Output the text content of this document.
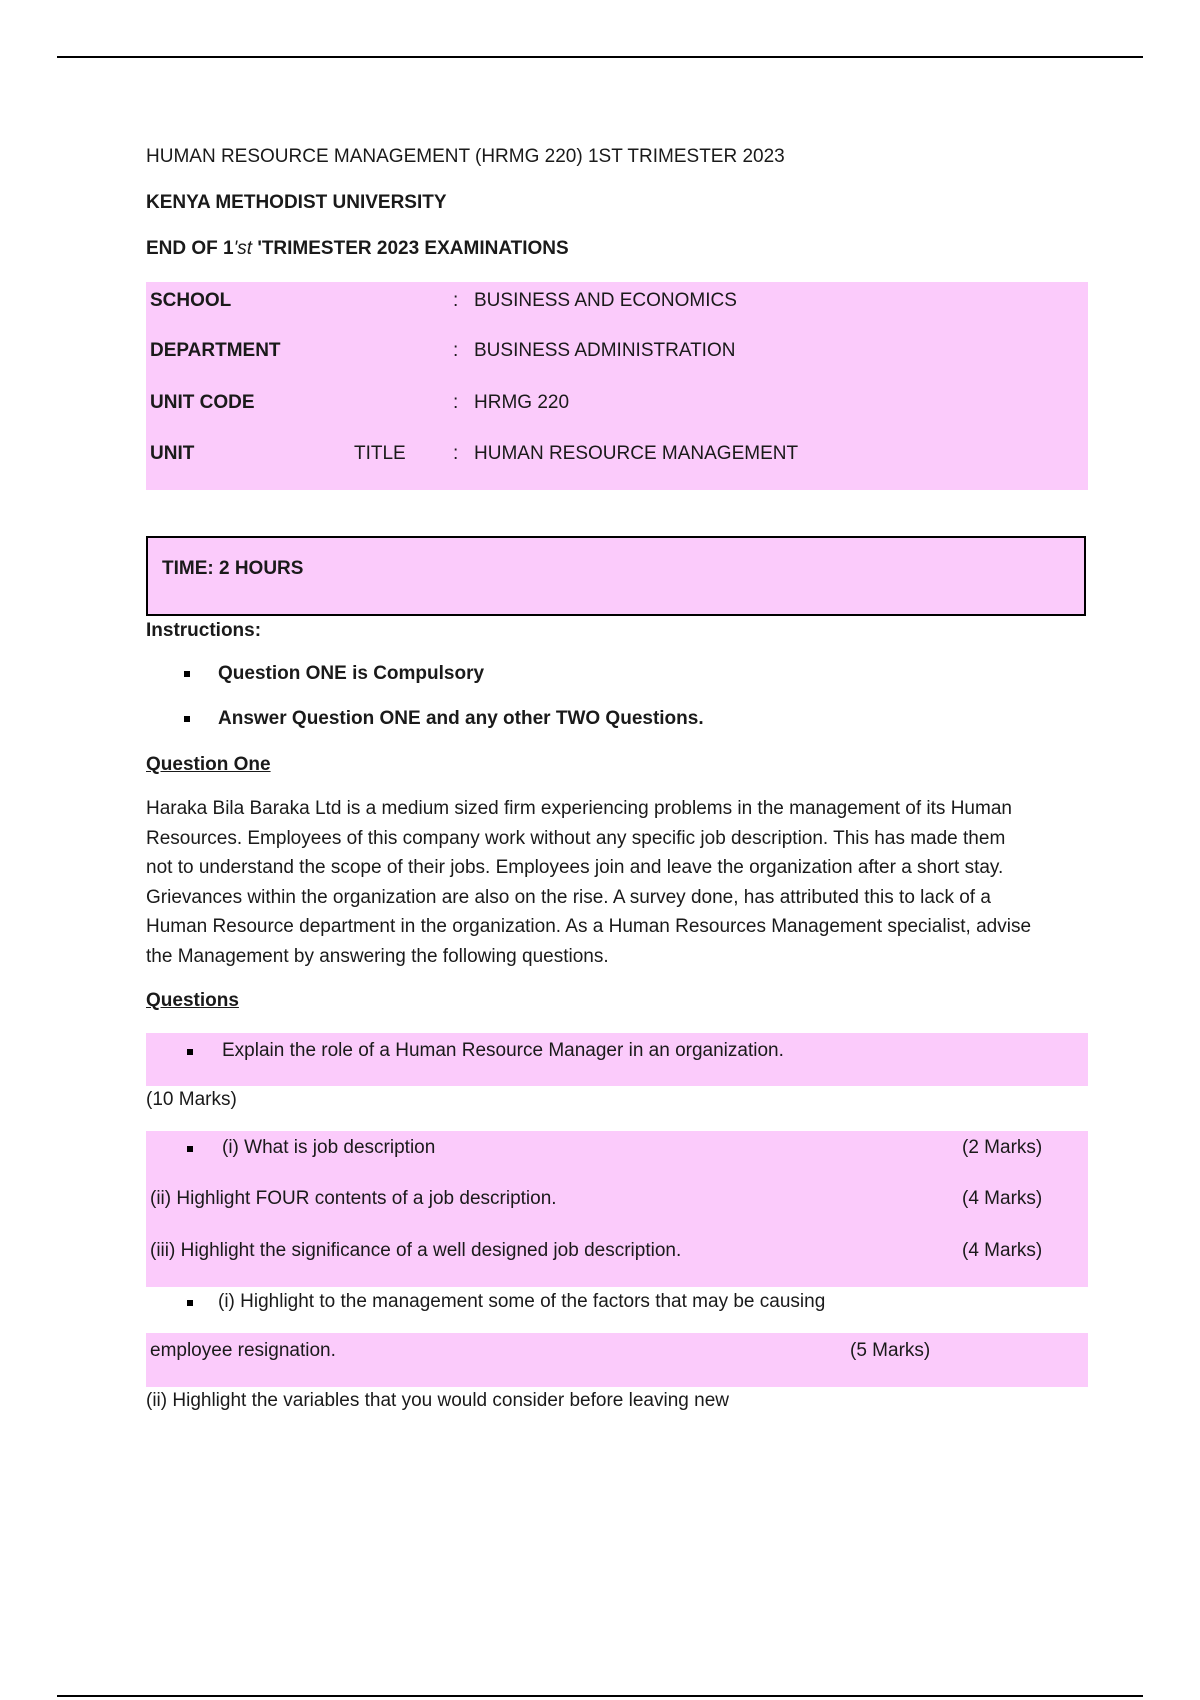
HUMAN RESOURCE MANAGEMENT (HRMG 220) 1ST TRIMESTER 2023
KENYA METHODIST UNIVERSITY
END OF 1'st 'TRIMESTER 2023 EXAMINATIONS
SCHOOL	: BUSINESS AND ECONOMICS
DEPARTMENT	: BUSINESS ADMINISTRATION
UNIT CODE	: HRMG 220
UNIT	TITLE : HUMAN RESOURCE MANAGEMENT
TIME: 2 HOURS
Instructions:
Question ONE is Compulsory
Answer Question ONE and any other TWO Questions.
Question One
Haraka Bila Baraka Ltd is a medium sized firm experiencing problems in the management of its Human
Resources. Employees of this company work without any specific job description. This has made them
not to understand the scope of their jobs. Employees join and leave the organization after a short stay.
Grievances within the organization are also on the rise. A survey done, has attributed this to lack of a
Human Resource department in the organization. As a Human Resources Management specialist, advise
the Management by answering the following questions.
Questions
Explain the role of a Human Resource Manager in an organization.
(10 Marks)
(i) What is job description	(2 Marks)
(ii) Highlight FOUR contents of a job description.	(4 Marks)
(iii) Highlight the significance of a well designed job description.	(4 Marks)
(i) Highlight to the management some of the factors that may be causing
employee resignation.	(5 Marks)
(ii) Highlight the variables that you would consider before leaving new
